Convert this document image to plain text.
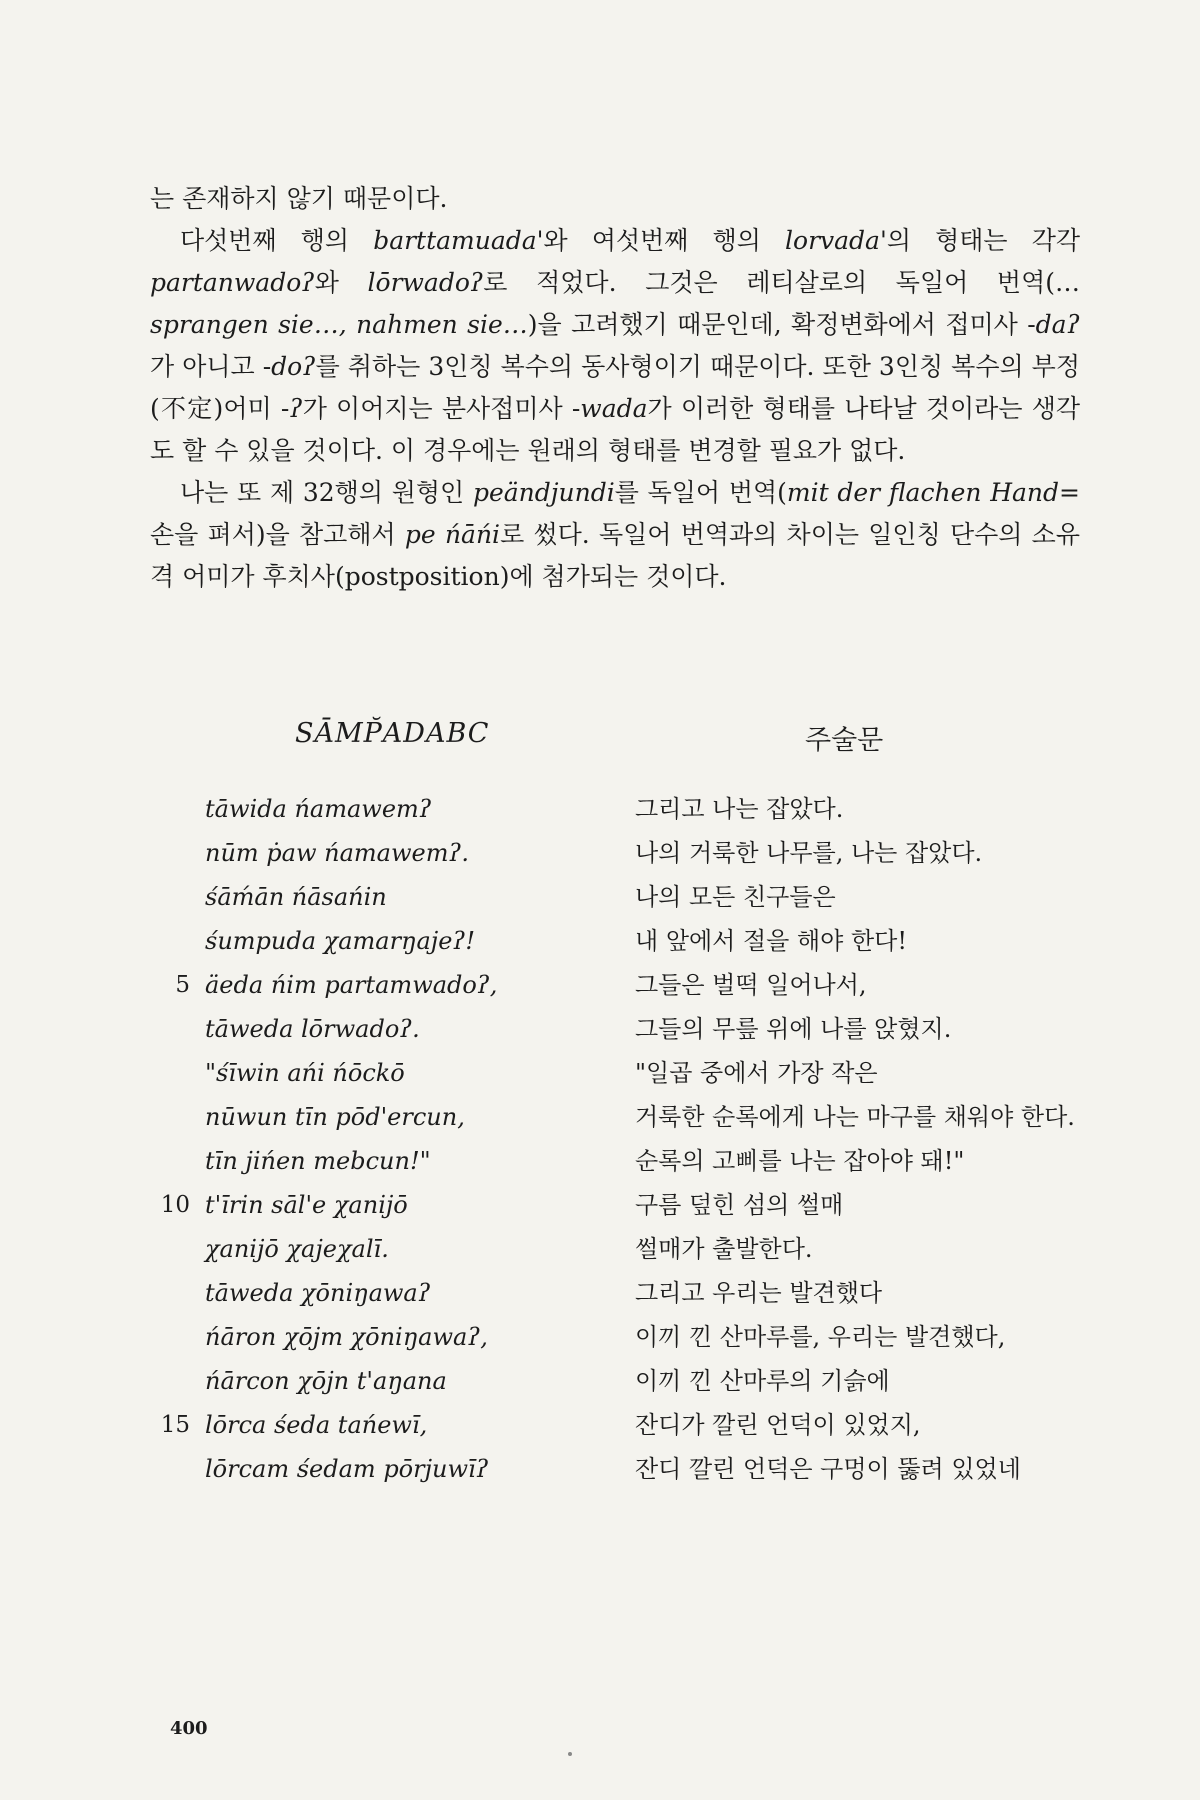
는 존재하지 않기 때문이다.

다섯번째 행의 barttamuada'와 여섯번째 행의 lorvada'의 형태는 각각 partanwadoʔ와 lōrwadoʔ로 적었다. 그것은 레티살로의 독일어 번역(… sprangen sie…, nahmen sie…)을 고려했기 때문인데, 확정변화에서 접미사 -daʔ가 아니고 -doʔ를 취하는 3인칭 복수의 동사형이기 때문이다. 또한 3인칭 복수의 부정(不定)어미 -ʔ가 이어지는 분사접미사 -wada가 이러한 형태를 나타날 것이라는 생각도 할 수 있을 것이다. 이 경우에는 원래의 형태를 변경할 필요가 없다.

나는 또 제 32행의 원형인 peändjundi를 독일어 번역(mit der flachen Hand=손을 펴서)을 참고해서 pe ńāńi로 썼다. 독일어 번역과의 차이는 일인칭 단수의 소유격 어미가 후치사(postposition)에 첨가되는 것이다.

SĀMP̆ADABC	주술문
tāwida ńamawemʔ	그리고 나는 잡았다.
nūm ṗaw ńamawemʔ.	나의 거룩한 나무를, 나는 잡았다.
śāḿān ńāsańin	나의 모든 친구들은
śumpuda χamarŋajeʔ!	내 앞에서 절을 해야 한다!
5 äeda ńim partamwadoʔ,	그들은 벌떡 일어나서,
tāweda lōrwadoʔ.	그들의 무릎 위에 나를 앉혔지.
"śīwin ańi ńōckō	"일곱 중에서 가장 작은
nūwun tīn pōd'ercun,	거룩한 순록에게 나는 마구를 채워야 한다.
tīn jińen mebcun!"	순록의 고삐를 나는 잡아야 돼!"
10 t'īrin sāl'e χanijō	구름 덮힌 섬의 썰매
χanijō χajeχalī.	썰매가 출발한다.
tāweda χōniŋawaʔ	그리고 우리는 발견했다
ńāron χōjm χōniŋawaʔ,	이끼 낀 산마루를, 우리는 발견했다,
ńārcon χōjn t'aŋana	이끼 낀 산마루의 기슭에
15 lōrca śeda tańewī,	잔디가 깔린 언덕이 있었지,
lōrcam śedam pōrjuwīʔ	잔디 깔린 언덕은 구멍이 뚫려 있었네
400
